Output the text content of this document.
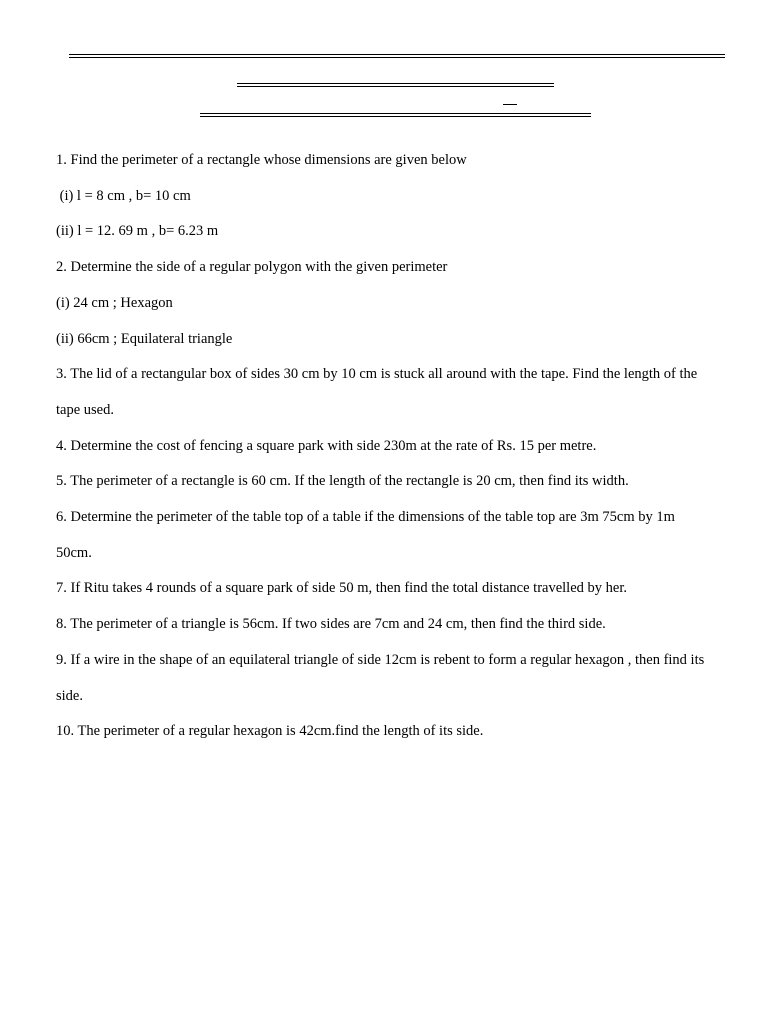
1. Find the perimeter of a rectangle whose dimensions are given below

(i) l = 8 cm , b= 10 cm

(ii) l = 12. 69 m , b= 6.23 m

2. Determine the side of a regular polygon with the given perimeter

(i) 24 cm ; Hexagon

(ii) 66cm ; Equilateral triangle

3. The lid of a rectangular box of sides 30 cm by 10 cm is stuck all around with the tape. Find the length of the

tape used.

4. Determine the cost of fencing a square park with side 230m at the rate of Rs. 15 per metre.

5. The perimeter of a rectangle is 60 cm. If the length of the rectangle is 20 cm, then find its width.

6. Determine the perimeter of the table top of a table if the dimensions of the table top are 3m 75cm by 1m

50cm.

7. If Ritu takes 4 rounds of a square park of side 50 m, then find the total distance travelled by her.

8. The perimeter of a triangle is 56cm. If two sides are 7cm and 24 cm, then find the third side.

9. If a wire in the shape of an equilateral triangle of side 12cm is rebent to form a regular hexagon , then find its

side.

10. The perimeter of a regular hexagon is 42cm.find the length of its side.
